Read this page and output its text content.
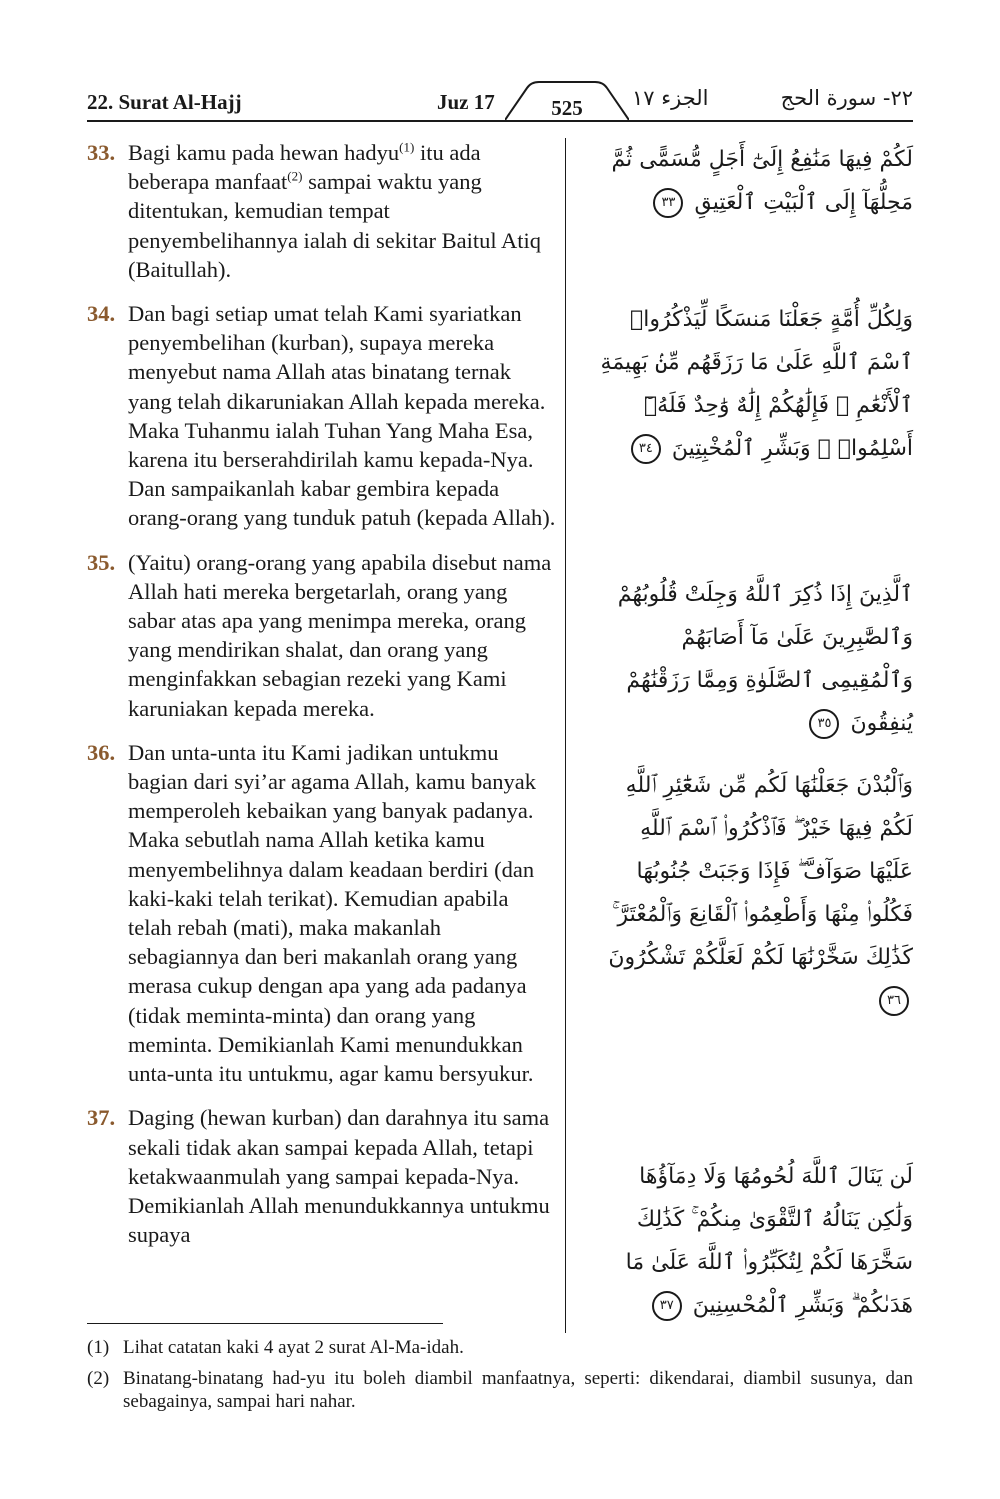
22. Surat Al-Hajj	Juz 17	الجزء ١٧	٢٢- سورة الحج
525
33. Bagi kamu pada hewan hadyu$^{(1)}$ itu ada beberapa manfaat$^{(2)}$ sampai waktu yang ditentukan, kemudian tempat penyembelihannya ialah di sekitar Baitul Atiq (Baitullah).
34. Dan bagi setiap umat telah Kami syariatkan penyembelihan (kurban), supaya mereka menyebut nama Allah atas binatang ternak yang telah dikaruniakan Allah kepada mereka. Maka Tuhanmu ialah Tuhan Yang Maha Esa, karena itu berserahdirilah kamu kepada-Nya. Dan sampaikanlah kabar gembira kepada orang-orang yang tunduk patuh (kepada Allah).
35. (Yaitu) orang-orang yang apabila disebut nama Allah hati mereka bergetarlah, orang yang sabar atas apa yang menimpa mereka, orang yang mendirikan shalat, dan orang yang menginfakkan sebagian rezeki yang Kami karuniakan kepada mereka.
36. Dan unta-unta itu Kami jadikan untukmu bagian dari syi’ar agama Allah, kamu banyak memperoleh kebaikan yang banyak padanya. Maka sebutlah nama Allah ketika kamu menyembelihnya dalam keadaan berdiri (dan kaki-kaki telah terikat). Kemudian apabila telah rebah (mati), maka makanlah sebagiannya dan beri makanlah orang yang merasa cukup dengan apa yang ada padanya (tidak meminta-minta) dan orang yang meminta. Demikianlah Kami menundukkan unta-unta itu untukmu, agar kamu bersyukur.
37. Daging (hewan kurban) dan darahnya itu sama sekali tidak akan sampai kepada Allah, tetapi ketakwaanmulah yang sampai kepada-Nya. Demikianlah Allah menundukkannya untukmu supaya
لَكُمْ فِيهَا مَنَٰفِعُ إِلَىٰٓ أَجَلٍ مُّسَمًّى ثُمَّ مَحِلُّهَآ إِلَى ٱلْبَيْتِ ٱلْعَتِيقِ ٣٣
وَلِكُلِّ أُمَّةٍ جَعَلْنَا مَنسَكًا لِّيَذْكُرُوا۟ ٱسْمَ ٱللَّهِ عَلَىٰ مَا رَزَقَهُم مِّنۢ بَهِيمَةِ ٱلْأَنْعَٰمِ ۗ فَإِلَٰهُكُمْ إِلَٰهٌ وَٰحِدٌ فَلَهُۥٓ أَسْلِمُوا۟ ۗ وَبَشِّرِ ٱلْمُخْبِتِينَ ٣٤
ٱلَّذِينَ إِذَا ذُكِرَ ٱللَّهُ وَجِلَتْ قُلُوبُهُمْ وَٱلصَّٰبِرِينَ عَلَىٰ مَآ أَصَابَهُمْ وَٱلْمُقِيمِى ٱلصَّلَوٰةِ وَمِمَّا رَزَقْنَٰهُمْ يُنفِقُونَ ٣٥
وَٱلْبُدْنَ جَعَلْنَٰهَا لَكُم مِّن شَعَٰٓئِرِ ٱللَّهِ لَكُمْ فِيهَا خَيْرٌ ۖ فَٱذْكُرُوا۟ ٱسْمَ ٱللَّهِ عَلَيْهَا صَوَآفَّ ۖ فَإِذَا وَجَبَتْ جُنُوبُهَا فَكُلُوا۟ مِنْهَا وَأَطْعِمُوا۟ ٱلْقَانِعَ وَٱلْمُعْتَرَّ ۚ كَذَٰلِكَ سَخَّرْنَٰهَا لَكُمْ لَعَلَّكُمْ تَشْكُرُونَ ٣٦
لَن يَنَالَ ٱللَّهَ لُحُومُهَا وَلَا دِمَآؤُهَا وَلَٰكِن يَنَالُهُ ٱلتَّقْوَىٰ مِنكُمْ ۚ كَذَٰلِكَ سَخَّرَهَا لَكُمْ لِتُكَبِّرُوا۟ ٱللَّهَ عَلَىٰ مَا هَدَىٰكُمْ ۗ وَبَشِّرِ ٱلْمُحْسِنِينَ ٣٧
(1) Lihat catatan kaki 4 ayat 2 surat Al-Ma-idah.
(2) Binatang-binatang had-yu itu boleh diambil manfaatnya, seperti: dikendarai, diambil susunya, dan sebagainya, sampai hari nahar.
